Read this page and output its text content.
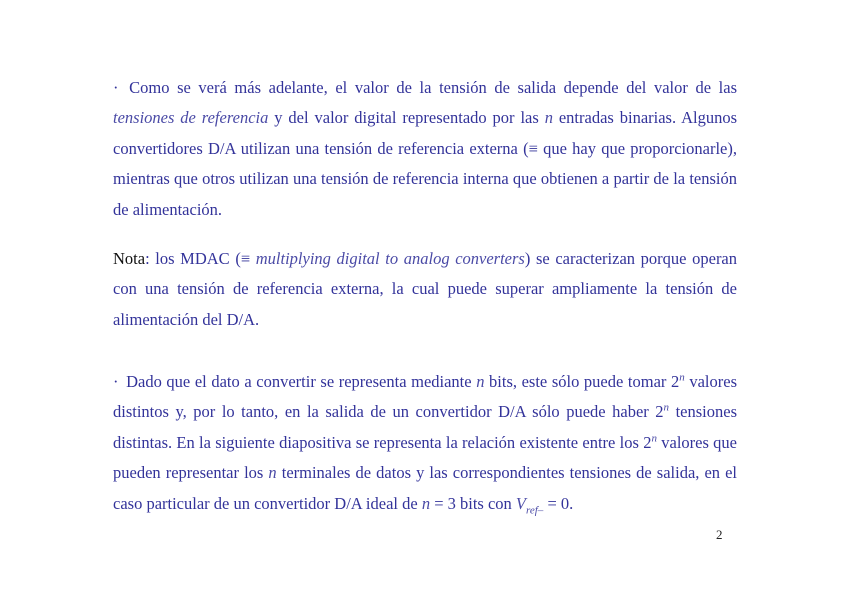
· Como se verá más adelante, el valor de la tensión de salida depende del valor de las tensiones de referencia y del valor digital representado por las n entradas binarias. Algunos convertidores D/A utilizan una tensión de referencia externa (≡ que hay que proporcionarle), mientras que otros utilizan una tensión de referencia interna que obtienen a partir de la tensión de alimentación.

Nota: los MDAC (≡ multiplying digital to analog converters) se caracterizan porque operan con una tensión de referencia externa, la cual puede superar ampliamente la tensión de alimentación del D/A.

· Dado que el dato a convertir se representa mediante n bits, este sólo puede tomar 2$^n$ valores distintos y, por lo tanto, en la salida de un convertidor D/A sólo puede haber 2$^n$ tensiones distintas. En la siguiente diapositiva se representa la relación existente entre los 2$^n$ valores que pueden representar los n terminales de datos y las correspondientes tensiones de salida, en el caso particular de un convertidor D/A ideal de n = 3 bits con $V_{ref-} = 0$.

2
